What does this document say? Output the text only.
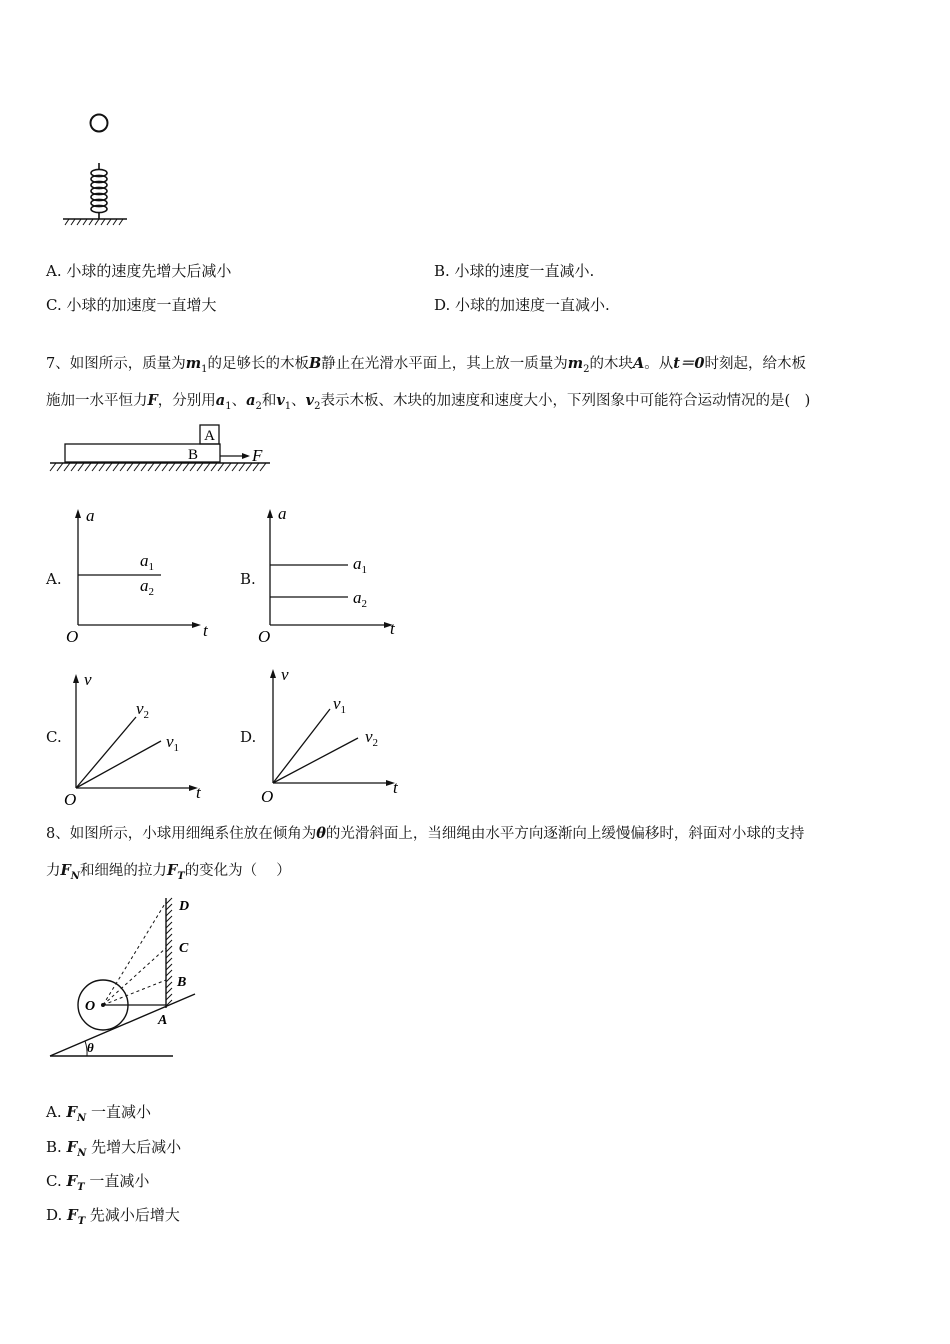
A. 小球的速度先增大后减小	B. 小球的速度一直减小.
C. 小球的加速度一直增大	D. 小球的加速度一直减小.
7、如图所示，质量为$m_1$的足够长的木板B静止在光滑水平面上，其上放一质量为$m_2$的木块A。从t＝0时刻起，给木板
施加一水平恒力F，分别用$a_1$、$a_2$和$v_1$、$v_2$表示木板、木块的加速度和速度大小，下列图象中可能符合运动情况的是(　)
A
B	F
A.
a
t
O
$a_1$
$a_2$
B.
a
t
O
$a_1$
$a_2$
C.
v
t
O
$v_2$
$v_1$
D.
v
t
O
$v_1$
$v_2$
8、如图所示，小球用细绳系住放在倾角为θ的光滑斜面上，当细绳由水平方向逐渐向上缓慢偏移时，斜面对小球的支持
力$F_N$和细绳的拉力$F_T$的变化为（　 ）
D
C
B
A
O
θ
A. $F_N$ 一直减小
B. $F_N$ 先增大后减小
C. $F_T$ 一直减小
D. $F_T$ 先减小后增大
